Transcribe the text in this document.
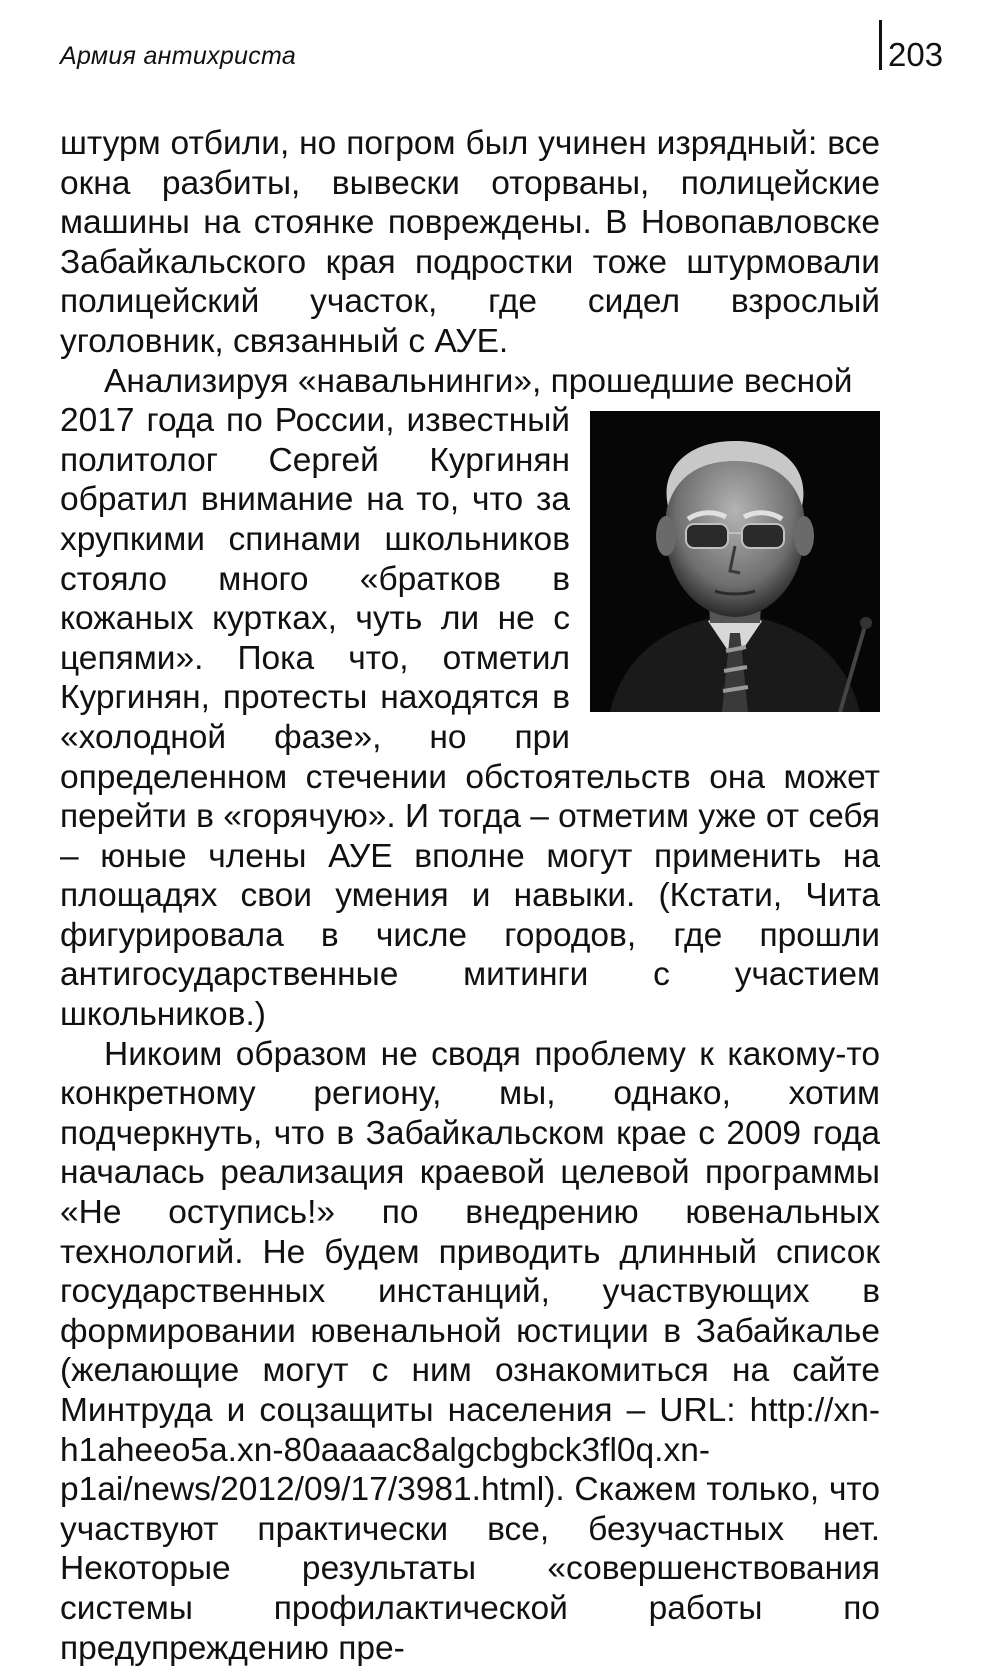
Армия антихриста	203

штурм отбили, но погром был учинен изрядный: все окна разбиты, вывески оторваны, полицейские машины на стоянке повреждены. В Новопавловске Забайкальского края подростки тоже штурмовали полицейский участок, где сидел взрослый уголовник, связанный с АУЕ.

Анализируя «навальнинги», прошедшие весной

2017 года по России, известный политолог Сергей Кургинян обратил внимание на то, что за хрупкими спинами школьников стояло много «братков в кожаных куртках, чуть ли не с цепями». Пока что, отметил Кургинян, протесты находятся в «холодной фазе», но при определенном стечении обстоятельств она может перейти в «горячую». И тогда – отметим уже от себя – юные члены АУЕ вполне могут применить на площадях свои умения и навыки. (Кстати, Чита фигурировала в числе городов, где прошли антигосударственные митинги с участием школьников.)

Никоим образом не сводя проблему к какому-то конкретному региону, мы, однако, хотим подчеркнуть, что в Забайкальском крае с 2009 года началась реализация краевой целевой программы «Не оступись!» по внедрению ювенальных технологий. Не будем приводить длинный список государственных инстанций, участвующих в формировании ювенальной юстиции в Забайкалье (желающие могут с ним ознакомиться на сайте Минтруда и соцзащиты населения – URL: http://xn-h1aheeo5a.xn-80aaaac8algcbgbck3fl0q.xn-p1ai/news/2012/09/17/3981.html). Скажем только, что участвуют практически все, безучастных нет. Некоторые результаты «совершенствования системы профилактической работы по предупреждению пре-
